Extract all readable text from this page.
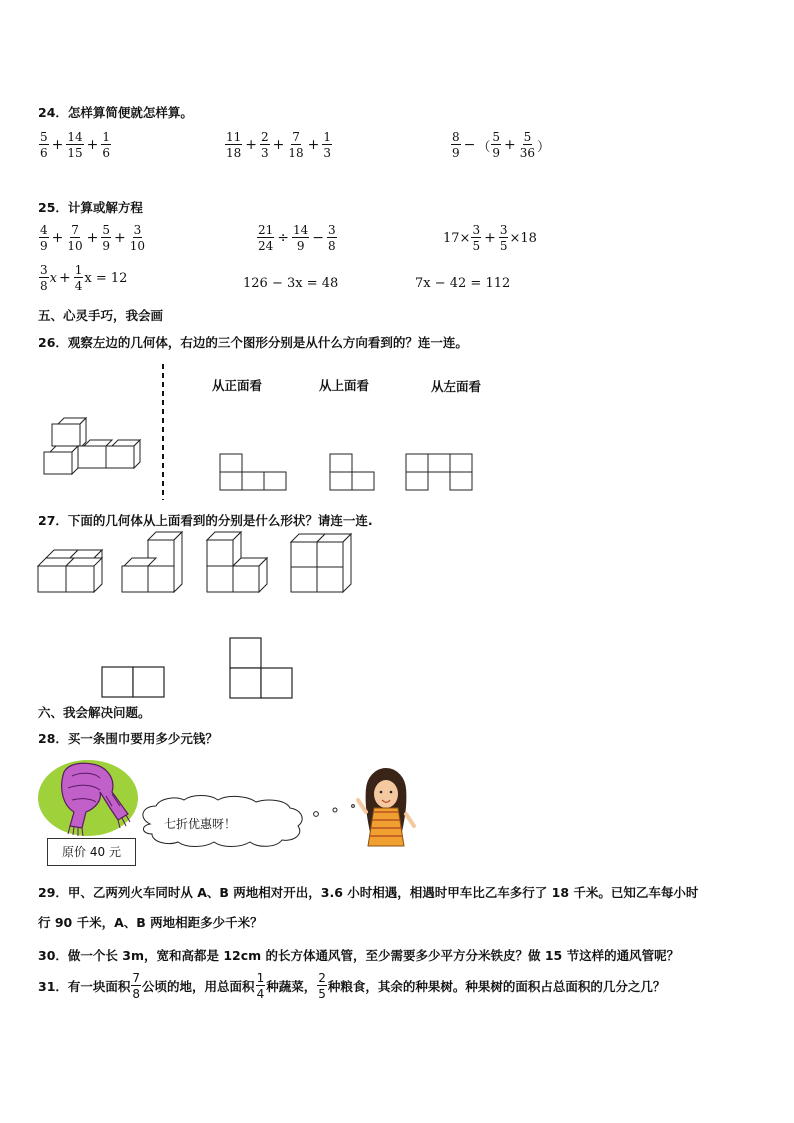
24．怎样算简便就怎样算。
$\frac{5}{6} + \frac{14}{15} + \frac{1}{6}$	$\frac{11}{18} + \frac{2}{3} + \frac{7}{18} + \frac{1}{3}$	$\frac{8}{9}$ − （ $\frac{5}{9} + \frac{5}{36}$ ）
25．计算或解方程
$\frac{4}{9} + \frac{7}{10} + \frac{5}{9} + \frac{3}{10}$	$\frac{21}{24} \div \frac{14}{9} - \frac{3}{8}$	$17\times \frac{3}{5} + \frac{3}{5} \times 18$
$\frac{3}{8}$ $x + \frac{1}{4}$ x = 12	126 − 3x = 48	7x − 42 = 112
五、心灵手巧，我会画
26．观察左边的几何体，右边的三个图形分别是从什么方向看到的？连一连。
从正面看	从上面看	从左面看
27．下面的几何体从上面看到的分别是什么形状？请连一连.
六、我会解决问题。
28．买一条围巾要用多少元钱？
七折优惠呀！
原价 40 元
29．甲、乙两列火车同时从 A、B 两地相对开出，3.6 小时相遇，相遇时甲车比乙车多行了 18 千米。已知乙车每小时
行 90 千米，A、B 两地相距多少千米？
30．做一个长 3m，宽和高都是 12cm 的长方体通风管，至少需要多少平方分米铁皮？做 15 节这样的通风管呢？
31．有一块面积 $\frac{7}{8}$ 公顷的地，用总面积 $\frac{1}{4}$ 种蔬菜， $\frac{2}{5}$ 种粮食，其余的种果树。种果树的面积占总面积的几分之几？
